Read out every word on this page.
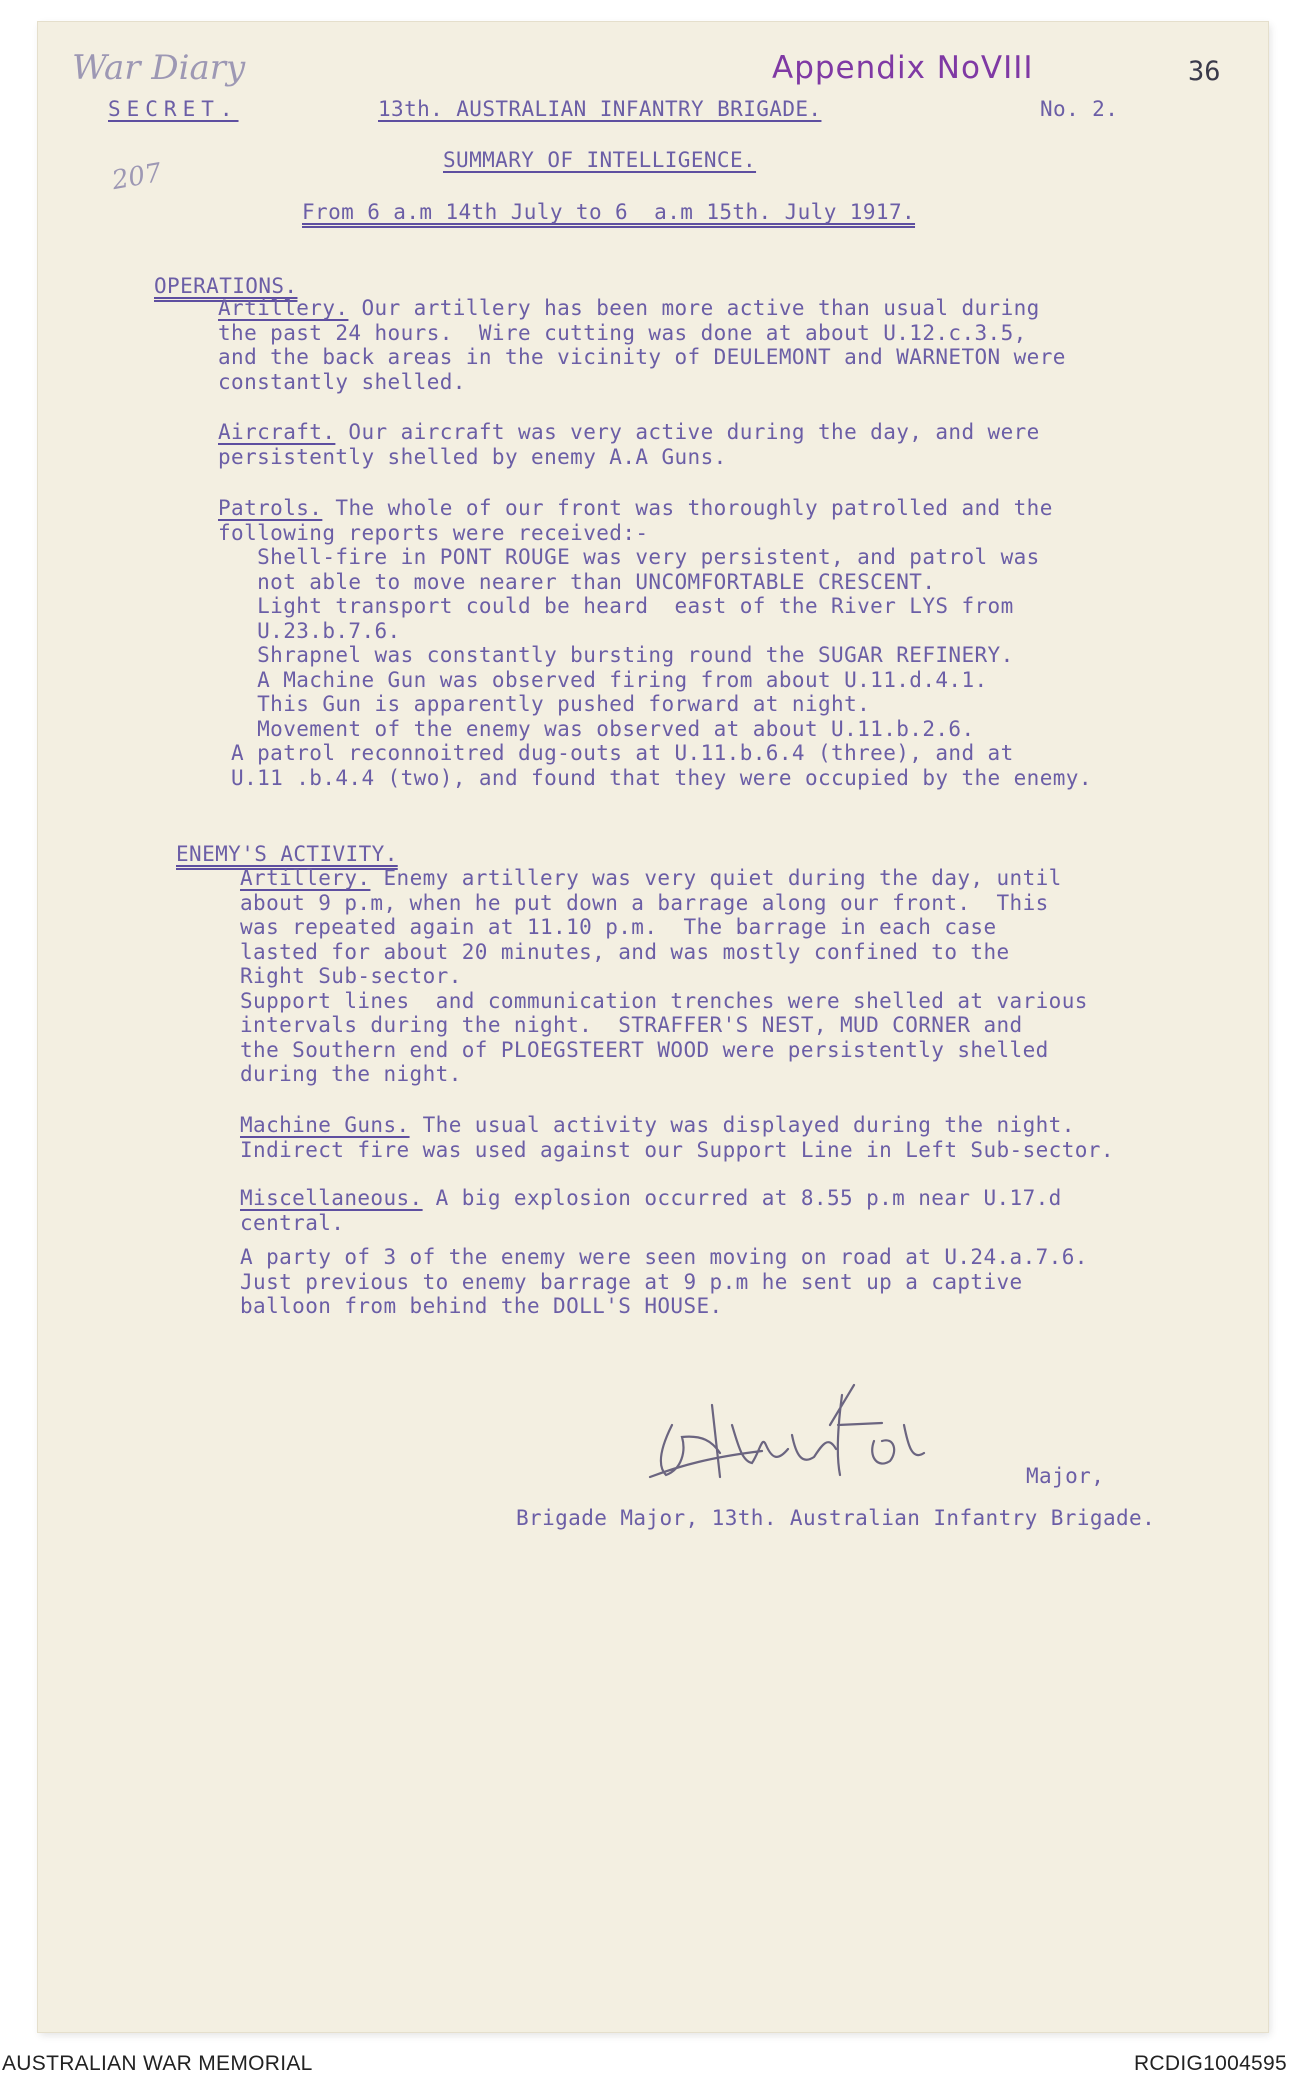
War Diary
207
Appendix NoVIII	36
SECRET.	13th. AUSTRALIAN INFANTRY BRIGADE.	No. 2.
SUMMARY OF INTELLIGENCE.
From 6 a.m 14th July to 6  a.m 15th. July 1917.
OPERATIONS.
Artillery. Our artillery has been more active than usual during
the past 24 hours.  Wire cutting was done at about U.12.c.3.5,
and the back areas in the vicinity of DEULEMONT and WARNETON were
constantly shelled.
Aircraft. Our aircraft was very active during the day, and were
persistently shelled by enemy A.A Guns.
Patrols. The whole of our front was thoroughly patrolled and the
following reports were received:-
Shell-fire in PONT ROUGE was very persistent, and patrol was
not able to move nearer than UNCOMFORTABLE CRESCENT.
Light transport could be heard  east of the River LYS from
U.23.b.7.6.
Shrapnel was constantly bursting round the SUGAR REFINERY.
A Machine Gun was observed firing from about U.11.d.4.1.
This Gun is apparently pushed forward at night.
Movement of the enemy was observed at about U.11.b.2.6.
A patrol reconnoitred dug-outs at U.11.b.6.4 (three), and at
U.11 .b.4.4 (two), and found that they were occupied by the enemy.
ENEMY'S ACTIVITY.
Artillery. Enemy artillery was very quiet during the day, until
about 9 p.m, when he put down a barrage along our front.  This
was repeated again at 11.10 p.m.  The barrage in each case
lasted for about 20 minutes, and was mostly confined to the
Right Sub-sector.
Support lines  and communication trenches were shelled at various
intervals during the night.  STRAFFER'S NEST, MUD CORNER and
the Southern end of PLOEGSTEERT WOOD were persistently shelled
during the night.
Machine Guns. The usual activity was displayed during the night.
Indirect fire was used against our Support Line in Left Sub-sector.
Miscellaneous. A big explosion occurred at 8.55 p.m near U.17.d
central.
A party of 3 of the enemy were seen moving on road at U.24.a.7.6.
Just previous to enemy barrage at 9 p.m he sent up a captive
balloon from behind the DOLL'S HOUSE.
Major,
Brigade Major, 13th. Australian Infantry Brigade.
AUSTRALIAN WAR MEMORIAL	RCDIG1004595
